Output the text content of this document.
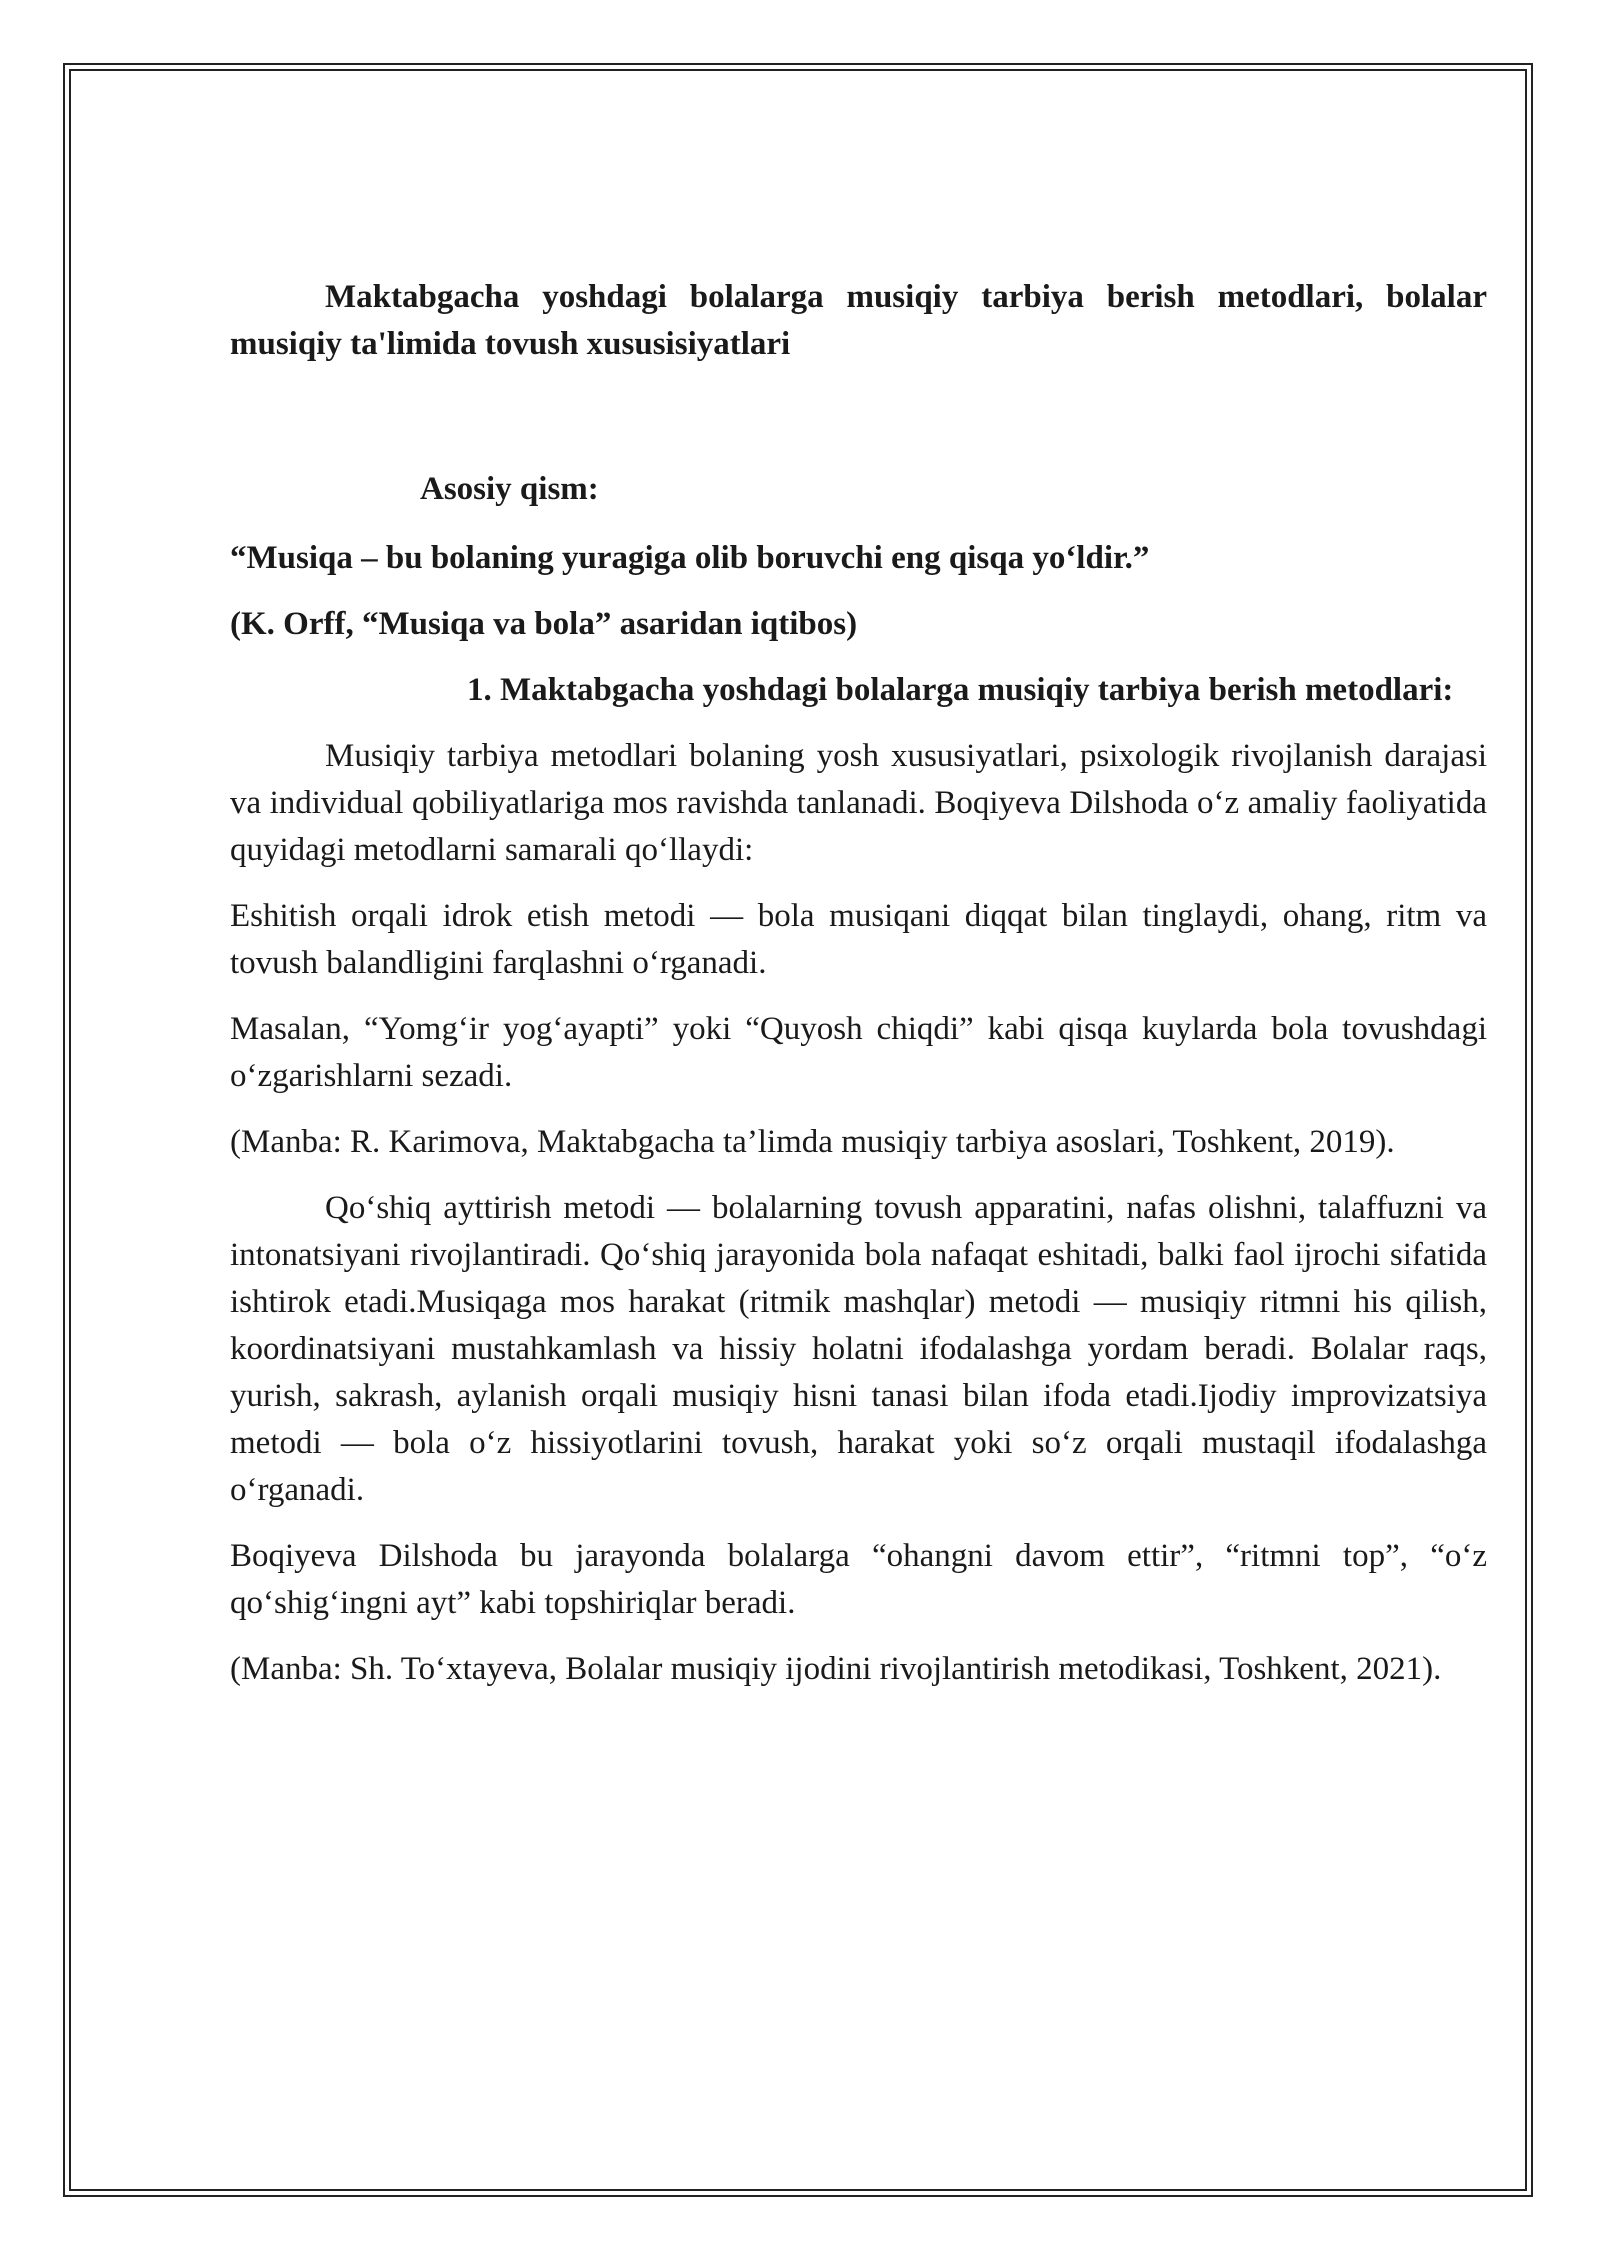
Maktabgacha yoshdagi bolalarga musiqiy tarbiya berish metodlari, bolalar musiqiy ta'limida tovush xususisiyatlari

Asosiy qism:

“Musiqa – bu bolaning yuragiga olib boruvchi eng qisqa yo‘ldir.”

(K. Orff, “Musiqa va bola” asaridan iqtibos)

1. Maktabgacha yoshdagi bolalarga musiqiy tarbiya berish metodlari:

Musiqiy tarbiya metodlari bolaning yosh xususiyatlari, psixologik rivojlanish darajasi va individual qobiliyatlariga mos ravishda tanlanadi. Boqiyeva Dilshoda o‘z amaliy faoliyatida quyidagi metodlarni samarali qo‘llaydi:

Eshitish orqali idrok etish metodi — bola musiqani diqqat bilan tinglaydi, ohang, ritm va tovush balandligini farqlashni o‘rganadi.

Masalan, “Yomg‘ir yog‘ayapti” yoki “Quyosh chiqdi” kabi qisqa kuylarda bola tovushdagi o‘zgarishlarni sezadi.

(Manba: R. Karimova, Maktabgacha ta’limda musiqiy tarbiya asoslari, Toshkent, 2019).

Qo‘shiq ayttirish metodi — bolalarning tovush apparatini, nafas olishni, talaffuzni va intonatsiyani rivojlantiradi. Qo‘shiq jarayonida bola nafaqat eshitadi, balki faol ijrochi sifatida ishtirok etadi.Musiqaga mos harakat (ritmik mashqlar) metodi — musiqiy ritmni his qilish, koordinatsiyani mustahkamlash va hissiy holatni ifodalashga yordam beradi. Bolalar raqs, yurish, sakrash, aylanish orqali musiqiy hisni tanasi bilan ifoda etadi.Ijodiy improvizatsiya metodi — bola o‘z hissiyotlarini tovush, harakat yoki so‘z orqali mustaqil ifodalashga o‘rganadi.

Boqiyeva Dilshoda bu jarayonda bolalarga “ohangni davom ettir”, “ritmni top”, “o‘z qo‘shig‘ingni ayt” kabi topshiriqlar beradi.

(Manba: Sh. To‘xtayeva, Bolalar musiqiy ijodini rivojlantirish metodikasi, Toshkent, 2021).
